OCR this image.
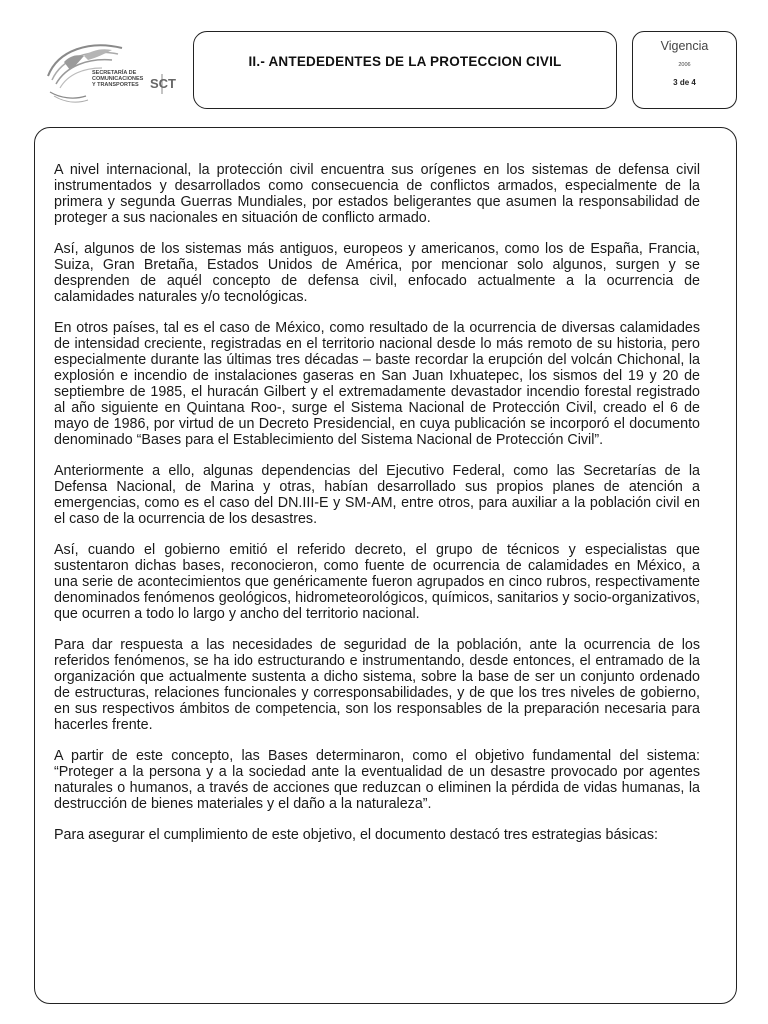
SECRETARÍA DE
COMUNICACIONES
Y TRANSPORTES SCT
II.- ANTEDEDENTES DE LA PROTECCION CIVIL
Vigencia
2006
3 de 4

A nivel internacional, la protección civil encuentra sus orígenes en los sistemas de defensa civil instrumentados y desarrollados como consecuencia de conflictos armados, especialmente de la primera y segunda Guerras Mundiales, por estados beligerantes que asumen la responsabilidad de proteger a sus nacionales en situación de conflicto armado.

Así, algunos de los sistemas más antiguos, europeos y americanos, como los de España, Francia, Suiza, Gran Bretaña, Estados Unidos de América, por mencionar solo algunos, surgen y se desprenden de aquél concepto de defensa civil, enfocado actualmente a la ocurrencia de calamidades naturales y/o tecnológicas.

En otros países, tal es el caso de México, como resultado de la ocurrencia de diversas calamidades de intensidad creciente, registradas en el territorio nacional desde lo más remoto de su historia, pero especialmente durante las últimas tres décadas – baste recordar la erupción del volcán Chichonal, la explosión e incendio de instalaciones gaseras en San Juan Ixhuatepec, los sismos del 19 y 20 de septiembre de 1985, el huracán Gilbert y el extremadamente devastador incendio forestal registrado al año siguiente en Quintana Roo-, surge el Sistema Nacional de Protección Civil, creado el 6 de mayo de 1986, por virtud de un Decreto Presidencial, en cuya publicación se incorporó el documento denominado “Bases para el Establecimiento del Sistema Nacional de Protección Civil”.

Anteriormente a ello, algunas dependencias del Ejecutivo Federal, como las Secretarías de la Defensa Nacional, de Marina y otras, habían desarrollado sus propios planes de atención a emergencias, como es el caso del DN.III-E y SM-AM, entre otros, para auxiliar a la población civil en el caso de la ocurrencia de los desastres.

Así, cuando el gobierno emitió el referido decreto, el grupo de técnicos y especialistas que sustentaron dichas bases, reconocieron, como fuente de ocurrencia de calamidades en México, a una serie de acontecimientos que genéricamente fueron agrupados en cinco rubros, respectivamente denominados fenómenos geológicos, hidrometeorológicos, químicos, sanitarios y socio-organizativos, que ocurren a todo lo largo y ancho del territorio nacional.

Para dar respuesta a las necesidades de seguridad de la población, ante la ocurrencia de los referidos fenómenos, se ha ido estructurando e instrumentando, desde entonces, el entramado de la organización que actualmente sustenta a dicho sistema, sobre la base de ser un conjunto ordenado de estructuras, relaciones funcionales y corresponsabilidades, y de que los tres niveles de gobierno, en sus respectivos ámbitos de competencia, son los responsables de la preparación necesaria para hacerles frente.

A partir de este concepto, las Bases determinaron, como el objetivo fundamental del sistema: “Proteger a la persona y a la sociedad ante la eventualidad de un desastre provocado por agentes naturales o humanos, a través de acciones que reduzcan o eliminen la pérdida de vidas humanas, la destrucción de bienes materiales y el daño a la naturaleza”.

Para asegurar el cumplimiento de este objetivo, el documento destacó tres estrategias básicas:
